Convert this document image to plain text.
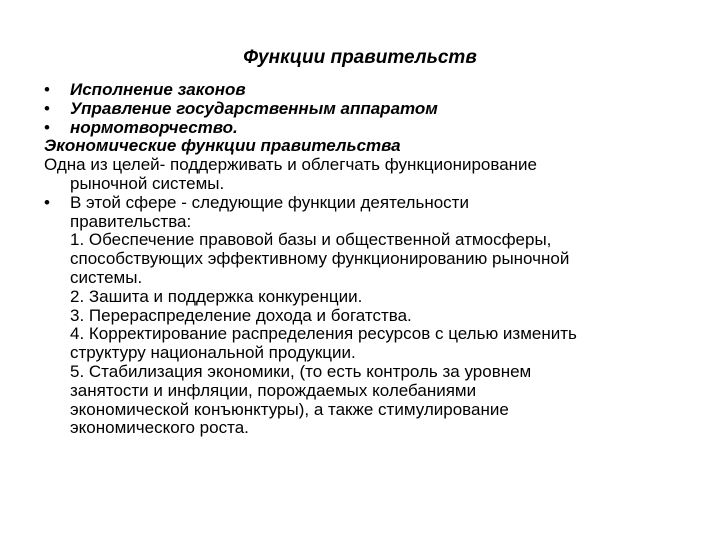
Функции правительств
•	Исполнение законов
•	Управление государственным аппаратом
•	нормотворчество.
Экономические функции правительства
Одна из целей- поддерживать и облегчать функционирование
рыночной системы.
•	В этой сфере - следующие функции деятельности
правительства:
1. Обеспечение правовой базы и общественной атмосферы,
способствующих эффективному функционированию рыночной
системы.
2. Зашита и поддержка конкуренции.
3. Перераспределение дохода и богатства.
4. Корректирование распределения ресурсов с целью изменить
структуру национальной продукции.
5. Стабилизация экономики, (то есть контроль за уровнем
занятости и инфляции, порождаемых колебаниями
экономической конъюнктуры), а также стимулирование
экономического роста.
